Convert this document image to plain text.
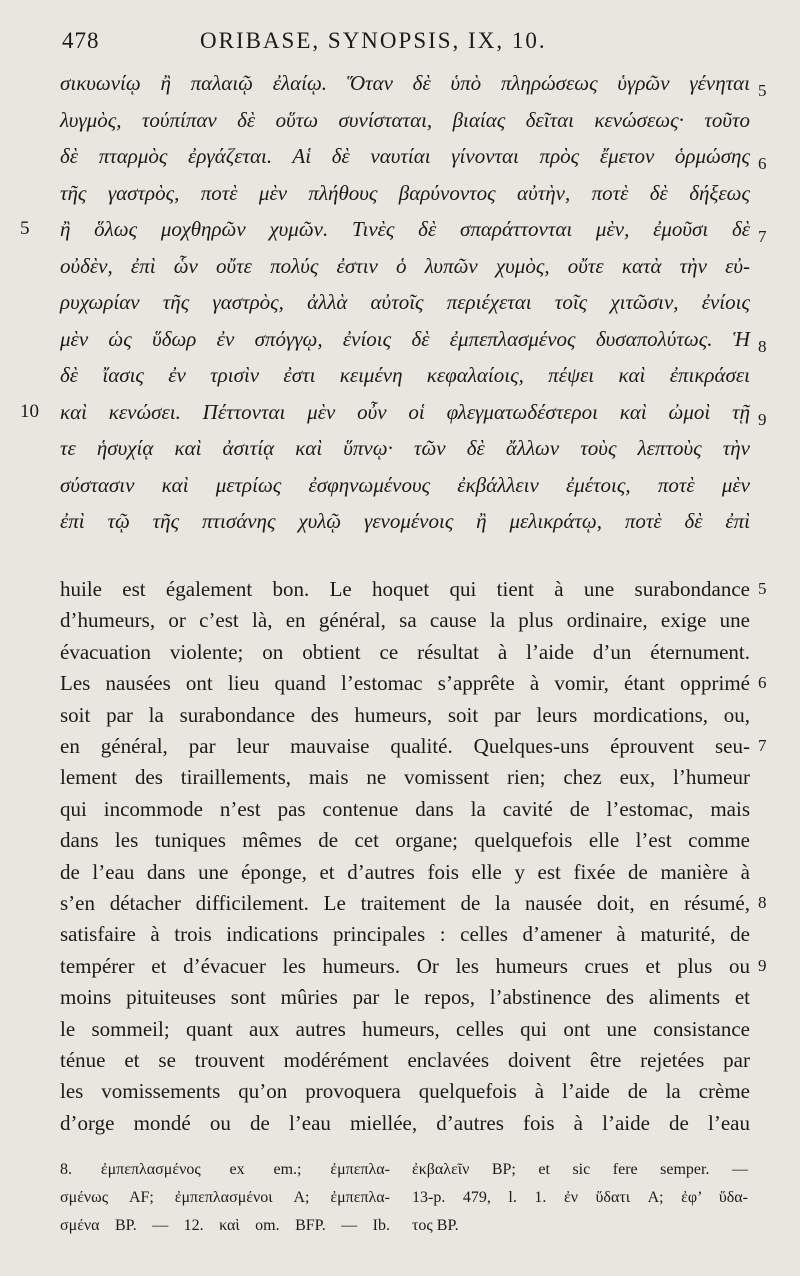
478	ORIBASE, SYNOPSIS, IX, 10.
σικυωνίῳ ἢ παλαιῷ ἐλαίῳ. Ὅταν δὲ ὑπὸ πληρώσεως ὑγρῶν γένηται 5
λυγμὸς, τούπίπαν δὲ οὕτω συνίσταται, βιαίας δεῖται κενώσεως· τοῦτο
δὲ πταρμὸς ἐργάζεται. Αἱ δὲ ναυτίαι γίνονται πρὸς ἔμετον ὁρμώσης 6
τῆς γαστρὸς, ποτὲ μὲν πλήθους βαρύνοντος αὐτὴν, ποτὲ δὲ δήξεως
ἢ ὅλως μοχθηρῶν χυμῶν. Τινὲς δὲ σπαράττονται μὲν, ἐμοῦσι δὲ
5	7
οὐδὲν, ἐπὶ ὧν οὔτε πολύς ἐστιν ὁ λυπῶν χυμὸς, οὔτε κατὰ τὴν εὐ-
ρυχωρίαν τῆς γαστρὸς, ἀλλὰ αὐτοῖς περιέχεται τοῖς χιτῶσιν, ἐνίοις
μὲν ὡς ὕδωρ ἐν σπόγγῳ, ἐνίοις δὲ ἐμπεπλασμένος δυσαπολύτως. Ἡ 8
δὲ ἴασις ἐν τρισὶν ἐστι κειμένη κεφαλαίοις, πέψει καὶ ἐπικράσει
καὶ κενώσει. Πέττονται μὲν οὖν οἱ φλεγματωδέστεροι καὶ ὠμοὶ τῇ
10	9
τε ἡσυχίᾳ καὶ ἀσιτίᾳ καὶ ὕπνῳ· τῶν δὲ ἄλλων τοὺς λεπτοὺς τὴν
σύστασιν καὶ μετρίως ἐσφηνωμένους ἐκβάλλειν ἐμέτοις, ποτὲ μὲν
ἐπὶ τῷ τῆς πτισάνης χυλῷ γενομένοις ἢ μελικράτῳ, ποτὲ δὲ ἐπὶ
huile est également bon. Le hoquet qui tient à une surabondance 5
d’humeurs, or c’est là, en général, sa cause la plus ordinaire, exige une
évacuation violente; on obtient ce résultat à l’aide d’un éternument.
Les nausées ont lieu quand l’estomac s’apprête à vomir, étant opprimé 6
soit par la surabondance des humeurs, soit par leurs mordications, ou,
en général, par leur mauvaise qualité. Quelques-uns éprouvent seu- 7
lement des tiraillements, mais ne vomissent rien; chez eux, l’humeur
qui incommode n’est pas contenue dans la cavité de l’estomac, mais
dans les tuniques mêmes de cet organe; quelquefois elle l’est comme
de l’eau dans une éponge, et d’autres fois elle y est fixée de manière à
s’en détacher difficilement. Le traitement de la nausée doit, en résumé, 8
satisfaire à trois indications principales : celles d’amener à maturité, de
tempérer et d’évacuer les humeurs. Or les humeurs crues et plus ou 9
moins pituiteuses sont mûries par le repos, l’abstinence des aliments et
le sommeil; quant aux autres humeurs, celles qui ont une consistance
ténue et se trouvent modérément enclavées doivent être rejetées par
les vomissements qu’on provoquera quelquefois à l’aide de la crème
d’orge mondé ou de l’eau miellée, d’autres fois à l’aide de l’eau
8. ἐμπεπλασμένος ex em.; ἐμπεπλα-
σμένως AF; ἐμπεπλασμένοι A; ἐμπεπλα-
σμένα BP. — 12. καὶ om. BFP. — Ib.
ἐκβαλεῖν BP; et sic fere semper. —
13-p. 479, l. 1. ἐν ὕδατι A; ἐφ’ ὕδα-
τος BP.
